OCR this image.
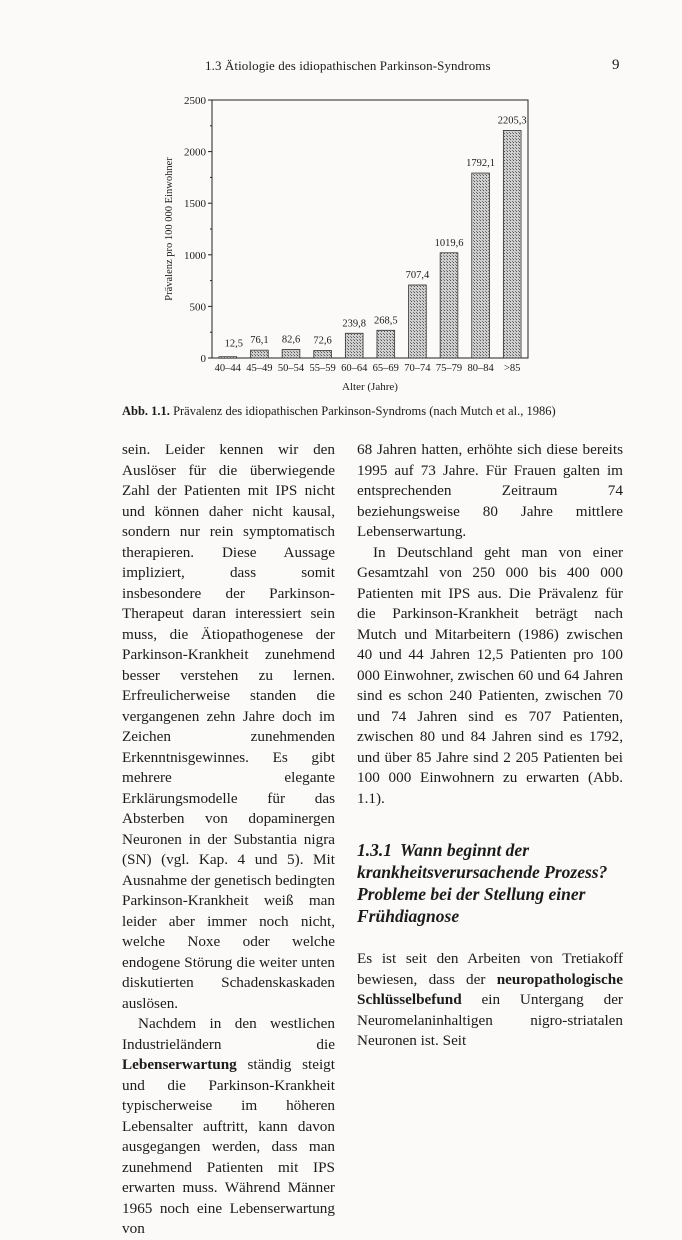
1.3 Ätiologie des idiopathischen Parkinson-Syndroms	9
0
500
1000
1500
2000
2500
Prävalenz pro 100 000 Einwohner
12,5
40–44
76,1
45–49
82,6
50–54
72,6
55–59
239,8
60–64
268,5
65–69
707,4
70–74
1019,6
75–79
1792,1
80–84
2205,3
>85
Alter (Jahre)
Abb. 1.1. Prävalenz des idiopathischen Parkinson-Syndroms (nach Mutch et al., 1986)

sein. Leider kennen wir den Auslöser für die überwiegende Zahl der Patienten mit IPS nicht und können daher nicht kausal, sondern nur rein symptomatisch therapieren. Diese Aussage impliziert, dass somit insbesondere der Parkinson-Therapeut daran interessiert sein muss, die Ätiopathogenese der Parkinson-Krankheit zunehmend besser verstehen zu lernen. Erfreulicherweise standen die vergangenen zehn Jahre doch im Zeichen zunehmenden Erkenntnisgewinnes. Es gibt mehrere elegante Erklärungsmodelle für das Absterben von dopaminergen Neuronen in der Substantia nigra (SN) (vgl. Kap. 4 und 5). Mit Ausnahme der genetisch bedingten Parkinson-Krankheit weiß man leider aber immer noch nicht, welche Noxe oder welche endogene Störung die weiter unten diskutierten Schadenskaskaden auslösen.

Nachdem in den westlichen Industrieländern die Lebenserwartung ständig steigt und die Parkinson-Krankheit typischerweise im höheren Lebensalter auftritt, kann davon ausgegangen werden, dass man zunehmend Patienten mit IPS erwarten muss. Während Männer 1965 noch eine Lebenserwartung von

68 Jahren hatten, erhöhte sich diese bereits 1995 auf 73 Jahre. Für Frauen galten im entsprechenden Zeitraum 74 beziehungsweise 80 Jahre mittlere Lebenserwartung.

In Deutschland geht man von einer Gesamtzahl von 250 000 bis 400 000 Patienten mit IPS aus. Die Prävalenz für die Parkinson-Krankheit beträgt nach Mutch und Mitarbeitern (1986) zwischen 40 und 44 Jahren 12,5 Patienten pro 100 000 Einwohner, zwischen 60 und 64 Jahren sind es schon 240 Patienten, zwischen 70 und 74 Jahren sind es 707 Patienten, zwischen 80 und 84 Jahren sind es 1792, und über 85 Jahre sind 2 205 Patienten bei 100 000 Einwohnern zu erwarten (Abb. 1.1).

1.3.1 Wann beginnt der krankheitsverursachende Prozess? Probleme bei der Stellung einer Frühdiagnose

Es ist seit den Arbeiten von Tretiakoff bewiesen, dass der neuropathologische Schlüsselbefund ein Untergang der Neuromelaninhaltigen nigro-striatalen Neuronen ist. Seit
